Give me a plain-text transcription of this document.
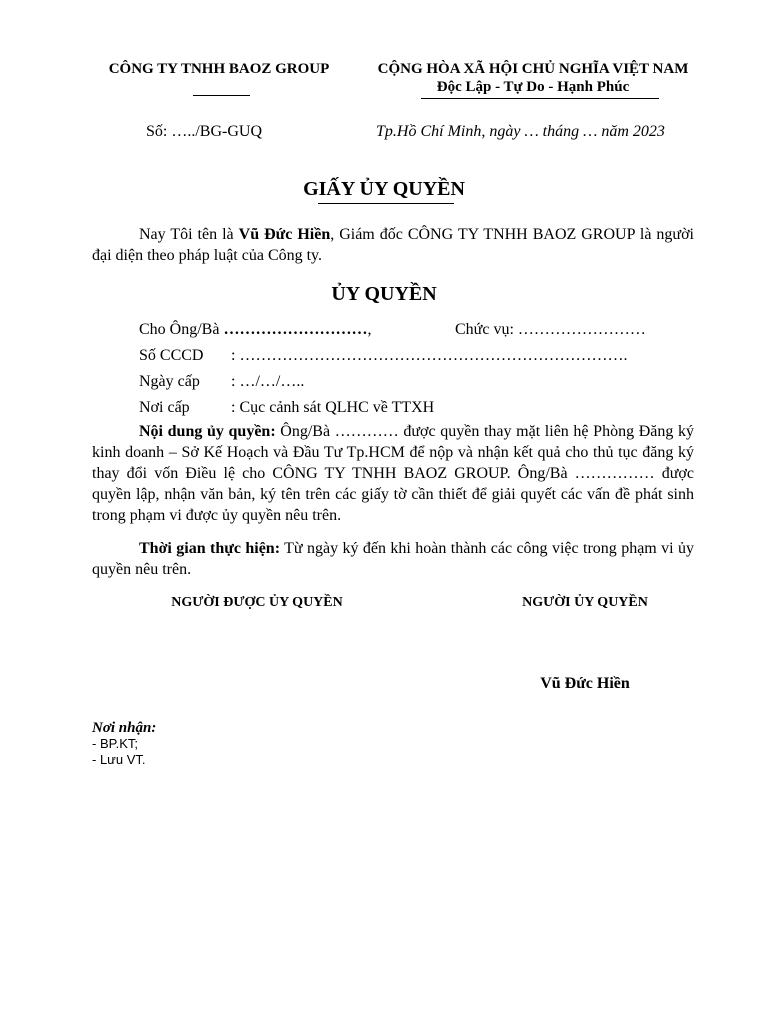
CÔNG TY TNHH BAOZ GROUP	CỘNG HÒA XÃ HỘI CHỦ NGHĨA VIỆT NAM
Độc Lập - Tự Do - Hạnh Phúc
Số: …../BG-GUQ	Tp.Hồ Chí Minh, ngày … tháng … năm 2023
GIẤY ỦY QUYỀN
Nay Tôi tên là Vũ Đức Hiền, Giám đốc CÔNG TY TNHH BAOZ GROUP là người đại diện theo pháp luật của Công ty.
ỦY QUYỀN
Cho Ông/Bà ………………………,	Chức vụ: ……………………
Số CCCD : ……………………………………………………………….
Ngày cấp : …/…/…..
Nơi cấp	: Cục cảnh sát QLHC về TTXH
Nội dung ủy quyền: Ông/Bà ………… được quyền thay mặt liên hệ Phòng Đăng ký kinh doanh – Sở Kế Hoạch và Đầu Tư Tp.HCM để nộp và nhận kết quả cho thủ tục đăng ký thay đổi vốn Điều lệ cho CÔNG TY TNHH BAOZ GROUP. Ông/Bà …………… được quyền lập, nhận văn bản, ký tên trên các giấy tờ cần thiết để giải quyết các vấn đề phát sinh trong phạm vi được ủy quyền nêu trên.
Thời gian thực hiện: Từ ngày ký đến khi hoàn thành các công việc trong phạm vi ủy quyền nêu trên.
NGƯỜI ĐƯỢC ỦY QUYỀN	NGƯỜI ỦY QUYỀN
Vũ Đức Hiền
Nơi nhận:
- BP.KT;
- Lưu VT.
